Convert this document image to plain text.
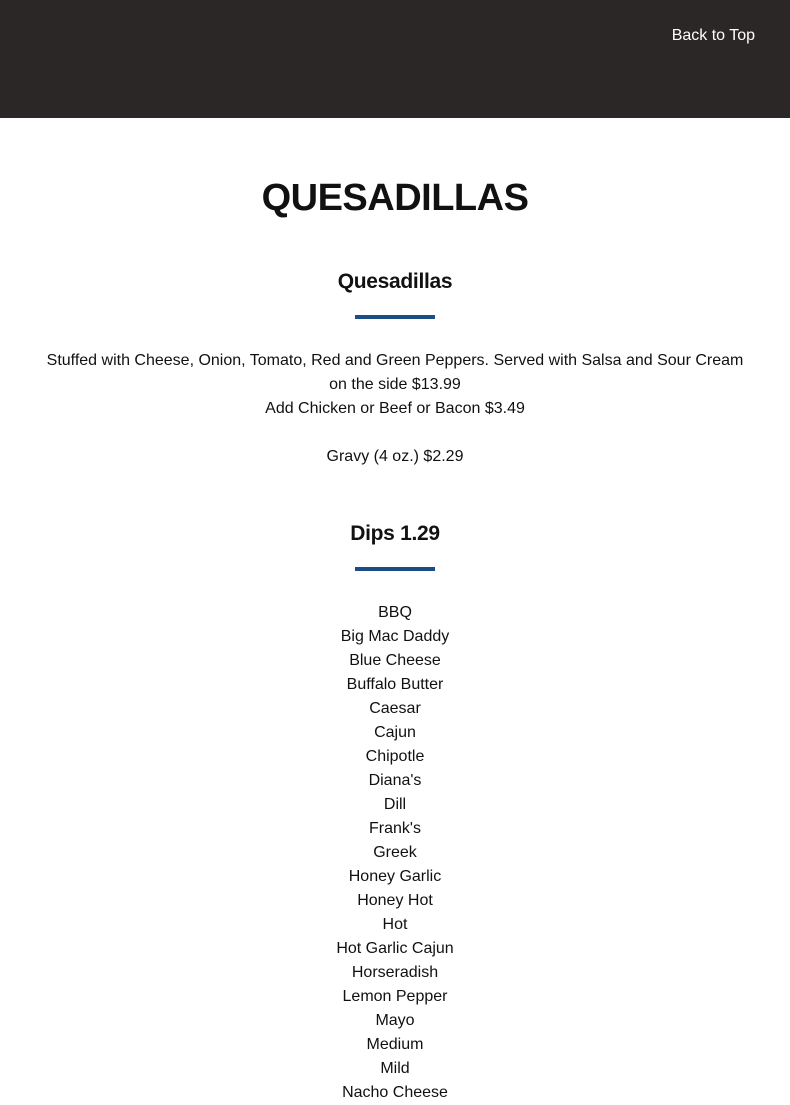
Back to Top
QUESADILLAS
Quesadillas

Stuffed with Cheese, Onion, Tomato, Red and Green Peppers. Served with Salsa and Sour Cream on the side $13.99

Add Chicken or Beef or Bacon $3.49

Gravy (4 oz.) $2.29

Dips 1.29
BBQ
Big Mac Daddy
Blue Cheese
Buffalo Butter
Caesar
Cajun
Chipotle
Diana's
Dill
Frank's
Greek
Honey Garlic
Honey Hot
Hot
Hot Garlic Cajun
Horseradish
Lemon Pepper
Mayo
Medium
Mild
Nacho Cheese
